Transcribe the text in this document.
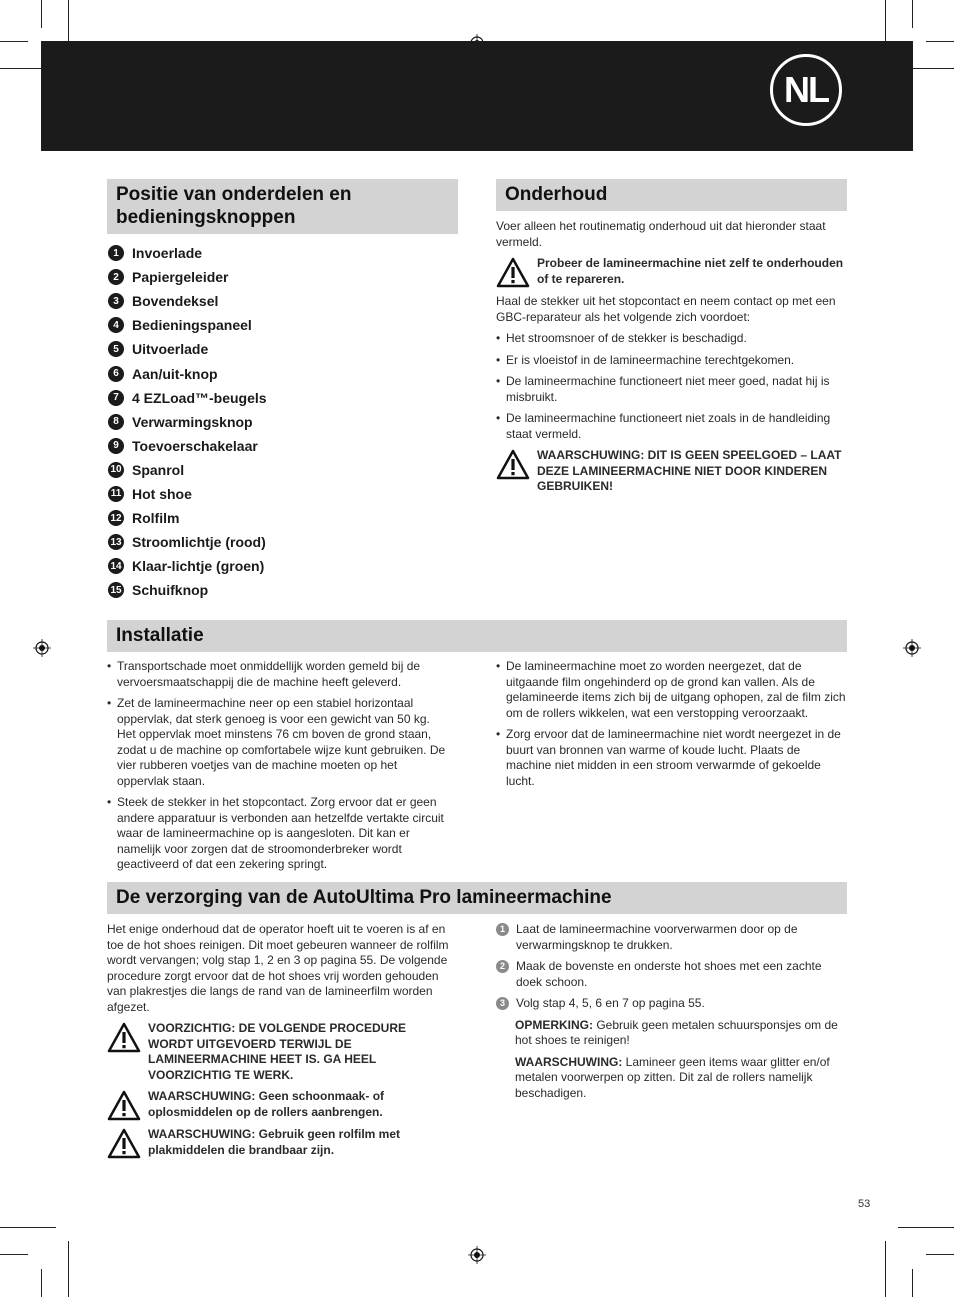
NL
Positie van onderdelen en bedieningsknoppen
1 Invoerlade
2 Papiergeleider
3 Bovendeksel
4 Bedieningspaneel
5 Uitvoerlade
6 Aan/uit-knop
7 4 EZLoad™-beugels
8 Verwarmingsknop
9 Toevoerschakelaar
10 Spanrol
11 Hot shoe
12 Rolfilm
13 Stroomlichtje (rood)
14 Klaar-lichtje (groen)
15 Schuifknop
Onderhoud

Voer alleen het routinematig onderhoud uit dat hieronder staat vermeld.

Probeer de lamineermachine niet zelf te onderhouden of te repareren.

Haal de stekker uit het stopcontact en neem contact op met een GBC-reparateur als het volgende zich voordoet:

• Het stroomsnoer of de stekker is beschadigd.
• Er is vloeistof in de lamineermachine terechtgekomen.
• De lamineermachine functioneert niet meer goed, nadat hij is misbruikt.
• De lamineermachine functioneert niet zoals in de handleiding staat vermeld.
WAARSCHUWING: DIT IS GEEN SPEELGOED – LAAT DEZE LAMINEERMACHINE NIET DOOR KINDEREN GEBRUIKEN!
Installatie
• Transportschade moet onmiddellijk worden gemeld bij de vervoersmaatschappij die de machine heeft geleverd.
• Zet de lamineermachine neer op een stabiel horizontaal oppervlak, dat sterk genoeg is voor een gewicht van 50 kg. Het oppervlak moet minstens 76 cm boven de grond staan, zodat u de machine op comfortabele wijze kunt gebruiken. De vier rubberen voetjes van de machine moeten op het oppervlak staan.
• Steek de stekker in het stopcontact. Zorg ervoor dat er geen andere apparatuur is verbonden aan hetzelfde vertakte circuit waar de lamineermachine op is aangesloten. Dit kan er namelijk voor zorgen dat de stroomonderbreker wordt geactiveerd of dat een zekering springt.
• De lamineermachine moet zo worden neergezet, dat de uitgaande film ongehinderd op de grond kan vallen. Als de gelamineerde items zich bij de uitgang ophopen, zal de film zich om de rollers wikkelen, wat een verstopping veroorzaakt.
• Zorg ervoor dat de lamineermachine niet wordt neergezet in de buurt van bronnen van warme of koude lucht. Plaats de machine niet midden in een stroom verwarmde of gekoelde lucht.
De verzorging van de AutoUltima Pro lamineermachine

Het enige onderhoud dat de operator hoeft uit te voeren is af en toe de hot shoes reinigen. Dit moet gebeuren wanneer de rolfilm wordt vervangen; volg stap 1, 2 en 3 op pagina 55. De volgende procedure zorgt ervoor dat de hot shoes vrij worden gehouden van plakrestjes die langs de rand van de lamineerfilm worden afgezet.

VOORZICHTIG: DE VOLGENDE PROCEDURE WORDT UITGEVOERD TERWIJL DE LAMINEERMACHINE HEET IS. GA HEEL VOORZICHTIG TE WERK.
WAARSCHUWING: Geen schoonmaak- of oplosmiddelen op de rollers aanbrengen.
WAARSCHUWING: Gebruik geen rolfilm met plakmiddelen die brandbaar zijn.
1 Laat de lamineermachine voorverwarmen door op de verwarmingsknop te drukken.
2 Maak de bovenste en onderste hot shoes met een zachte doek schoon.
3 Volg stap 4, 5, 6 en 7 op pagina 55.

OPMERKING: Gebruik geen metalen schuursponsjes om de hot shoes te reinigen!

WAARSCHUWING: Lamineer geen items waar glitter en/of metalen voorwerpen op zitten. Dit zal de rollers namelijk beschadigen.

53
